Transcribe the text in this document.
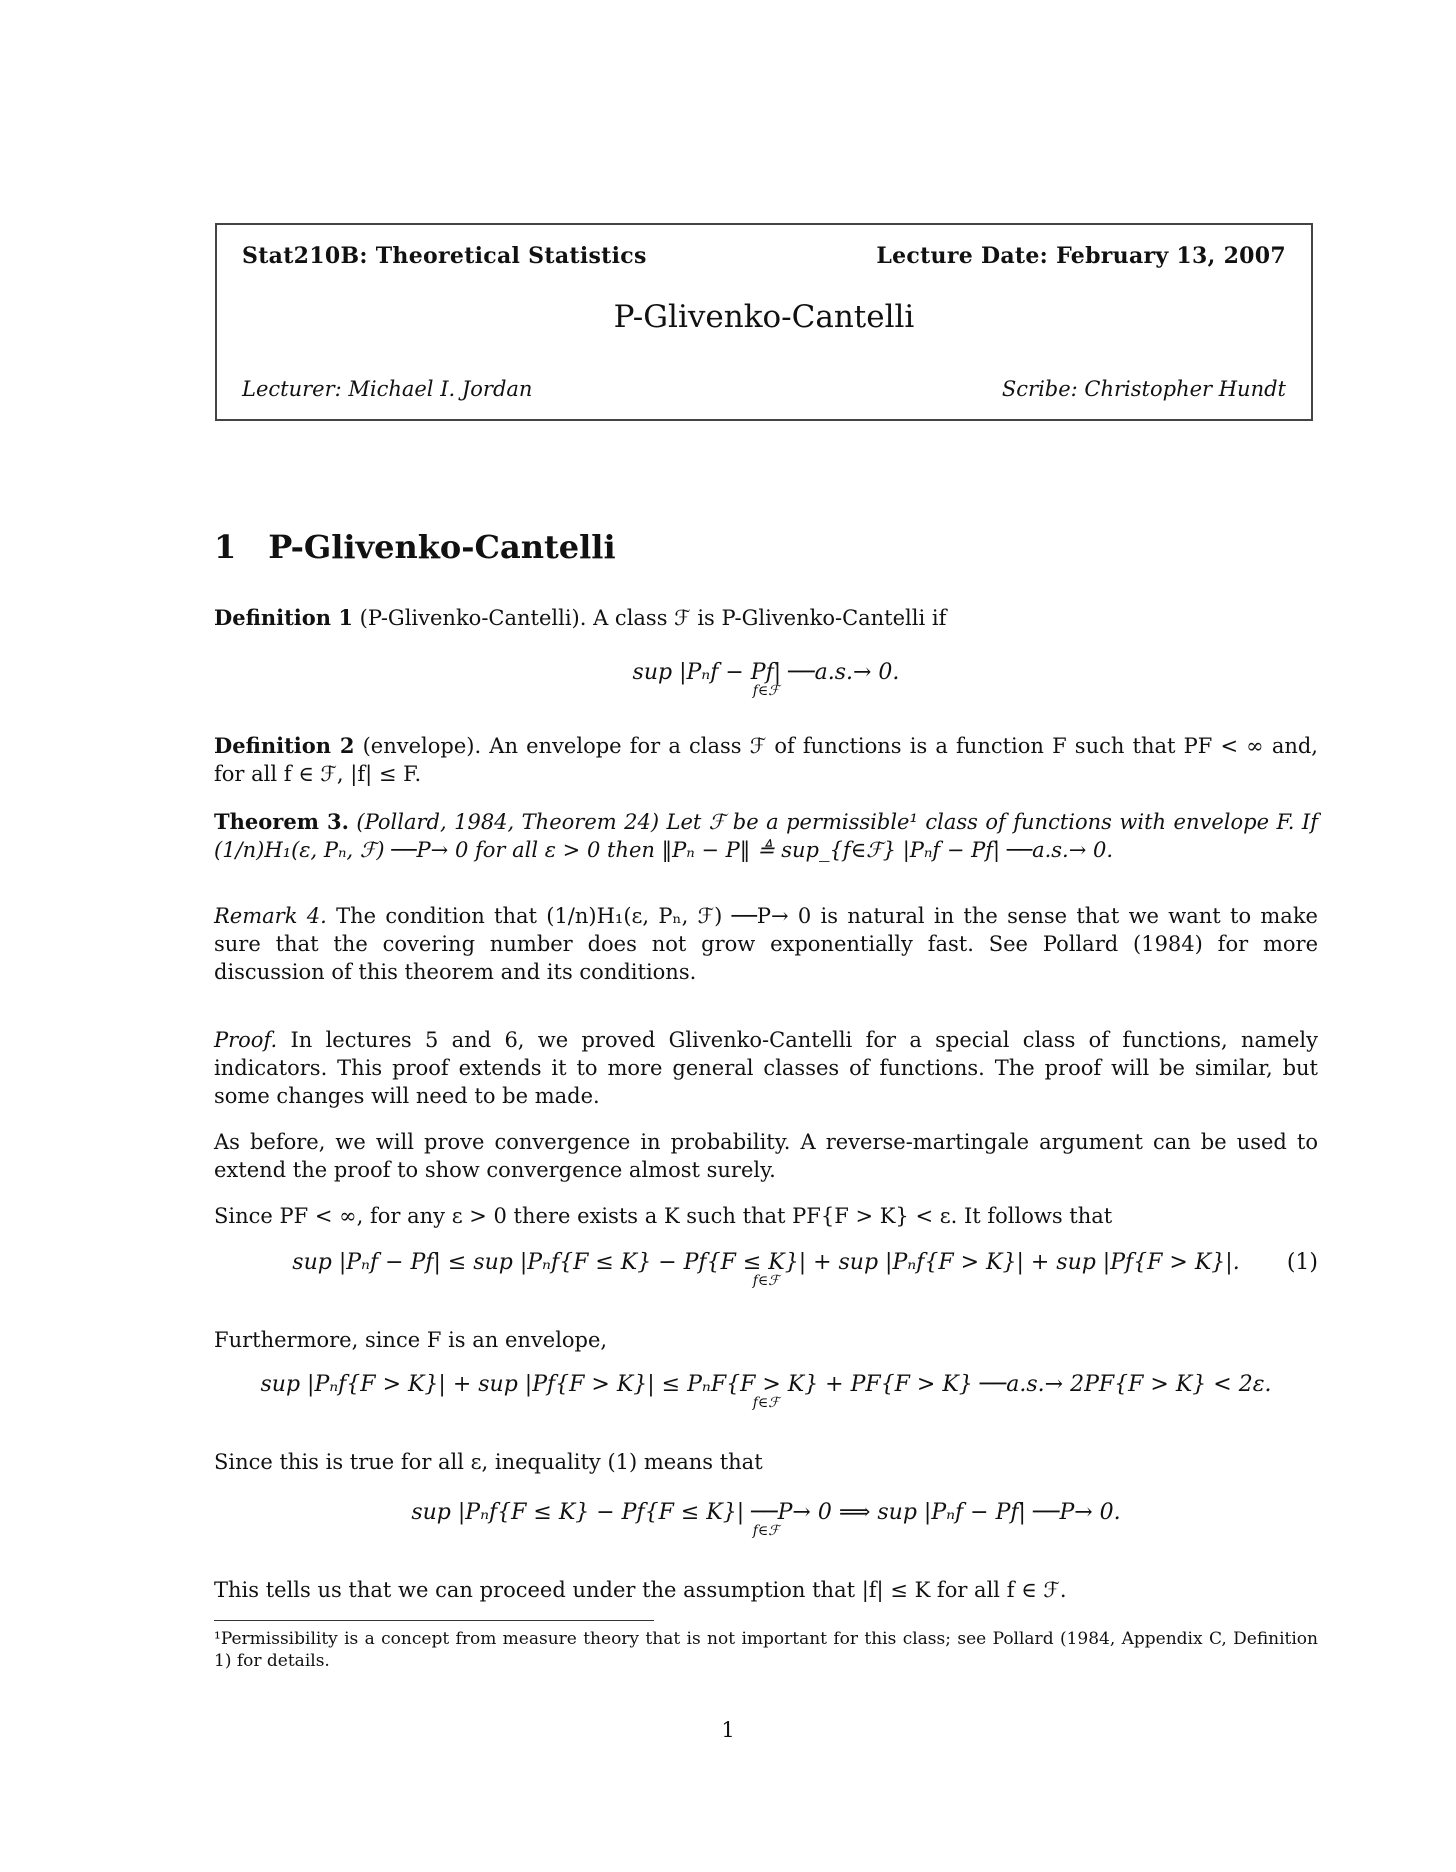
Stat210B: Theoretical Statistics	Lecture Date: February 13, 2007
P-Glivenko-Cantelli
Lecturer: Michael I. Jordan	Scribe: Christopher Hundt
1 P-Glivenko-Cantelli
Definition 1 (P-Glivenko-Cantelli). A class ℱ is P-Glivenko-Cantelli if
sup |Pₙf − Pf| ──a.s.→ 0.
f∈ℱ
Definition 2 (envelope). An envelope for a class ℱ of functions is a function F such that PF < ∞ and, for all f ∈ ℱ, |f| ≤ F.
Theorem 3. (Pollard, 1984, Theorem 24) Let ℱ be a permissible¹ class of functions with envelope F. If (1/n)H₁(ε, Pₙ, ℱ) ──P→ 0 for all ε > 0 then ‖Pₙ − P‖ ≜ sup_{f∈ℱ} |Pₙf − Pf| ──a.s.→ 0.
Remark 4. The condition that (1/n)H₁(ε, Pₙ, ℱ) ──P→ 0 is natural in the sense that we want to make sure that the covering number does not grow exponentially fast. See Pollard (1984) for more discussion of this theorem and its conditions.
Proof. In lectures 5 and 6, we proved Glivenko-Cantelli for a special class of functions, namely indicators. This proof extends it to more general classes of functions. The proof will be similar, but some changes will need to be made.
As before, we will prove convergence in probability. A reverse-martingale argument can be used to extend the proof to show convergence almost surely.
Since PF < ∞, for any ε > 0 there exists a K such that PF{F > K} < ε. It follows that
sup |Pₙf − Pf| ≤ sup |Pₙf{F ≤ K} − Pf{F ≤ K}| + sup |Pₙf{F > K}| + sup |Pf{F > K}|.
f∈ℱ
(1)
Furthermore, since F is an envelope,
sup |Pₙf{F > K}| + sup |Pf{F > K}| ≤ PₙF{F > K} + PF{F > K} ──a.s.→ 2PF{F > K} < 2ε.
f∈ℱ
Since this is true for all ε, inequality (1) means that
sup |Pₙf{F ≤ K} − Pf{F ≤ K}| ──P→ 0 ⟹ sup |Pₙf − Pf| ──P→ 0.
f∈ℱ
This tells us that we can proceed under the assumption that |f| ≤ K for all f ∈ ℱ.
¹Permissibility is a concept from measure theory that is not important for this class; see Pollard (1984, Appendix C, Definition 1) for details.
1
